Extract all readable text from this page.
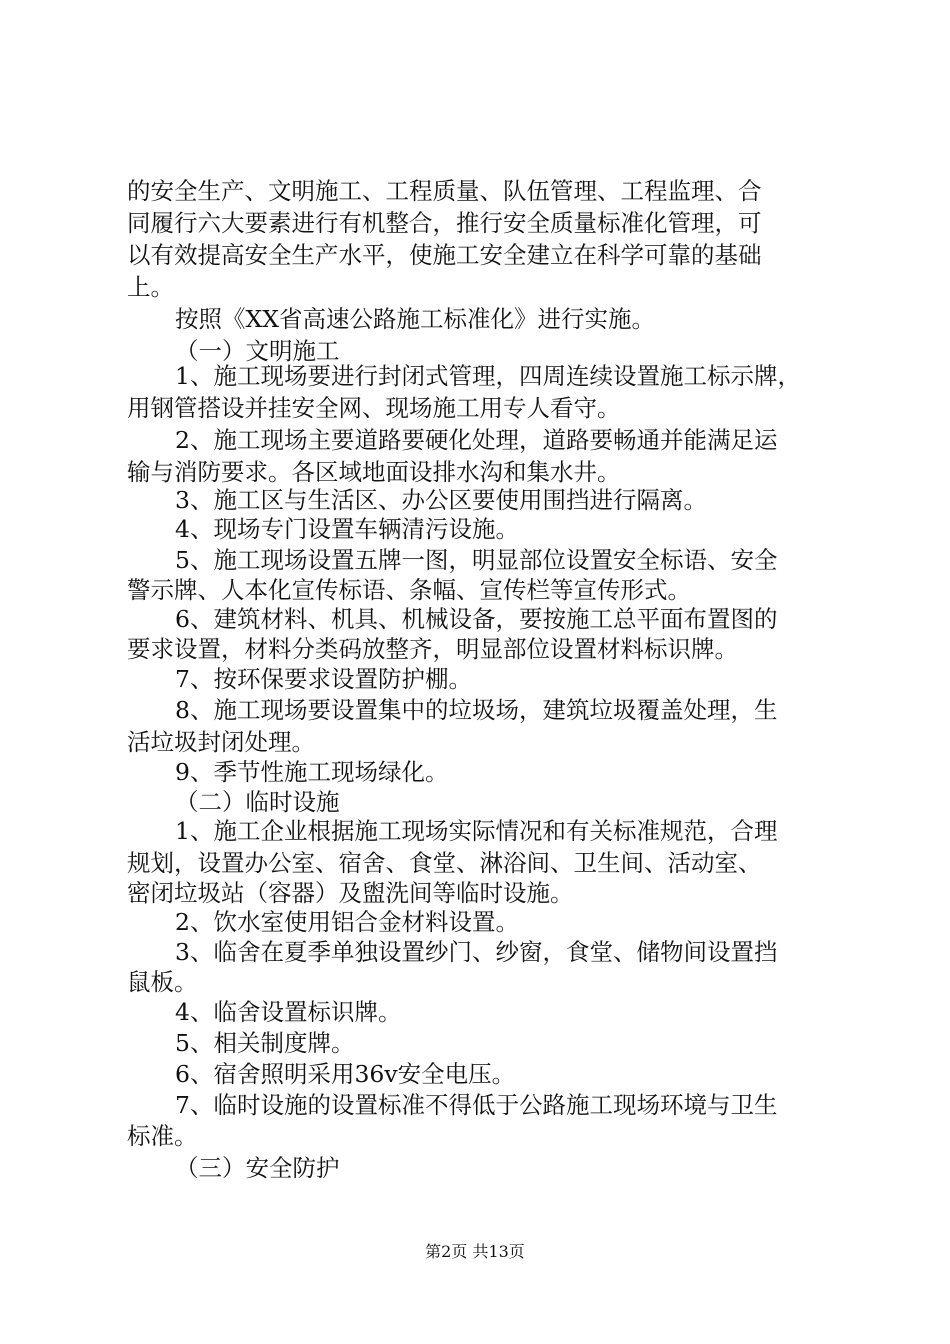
的安全生产、文明施工、工程质量、队伍管理、工程监理、合
同履行六大要素进行有机整合，推行安全质量标准化管理，可
以有效提高安全生产水平，使施工安全建立在科学可靠的基础
上。
按照《XX省高速公路施工标准化》进行实施。
（一）文明施工
1、施工现场要进行封闭式管理，四周连续设置施工标示牌，
用钢管搭设并挂安全网、现场施工用专人看守。
2、施工现场主要道路要硬化处理，道路要畅通并能满足运
输与消防要求。各区域地面设排水沟和集水井。
3、施工区与生活区、办公区要使用围挡进行隔离。
4、现场专门设置车辆清污设施。
5、施工现场设置五牌一图，明显部位设置安全标语、安全
警示牌、人本化宣传标语、条幅、宣传栏等宣传形式。
6、建筑材料、机具、机械设备，要按施工总平面布置图的
要求设置，材料分类码放整齐，明显部位设置材料标识牌。
7、按环保要求设置防护棚。
8、施工现场要设置集中的垃圾场，建筑垃圾覆盖处理，生
活垃圾封闭处理。
9、季节性施工现场绿化。
（二）临时设施
1、施工企业根据施工现场实际情况和有关标准规范，合理
规划，设置办公室、宿舍、食堂、淋浴间、卫生间、活动室、
密闭垃圾站（容器）及盥洗间等临时设施。
2、饮水室使用铝合金材料设置。
3、临舍在夏季单独设置纱门、纱窗，食堂、储物间设置挡
鼠板。
4、临舍设置标识牌。
5、相关制度牌。
6、宿舍照明采用36v安全电压。
7、临时设施的设置标准不得低于公路施工现场环境与卫生
标准。
（三）安全防护
第2页 共13页
